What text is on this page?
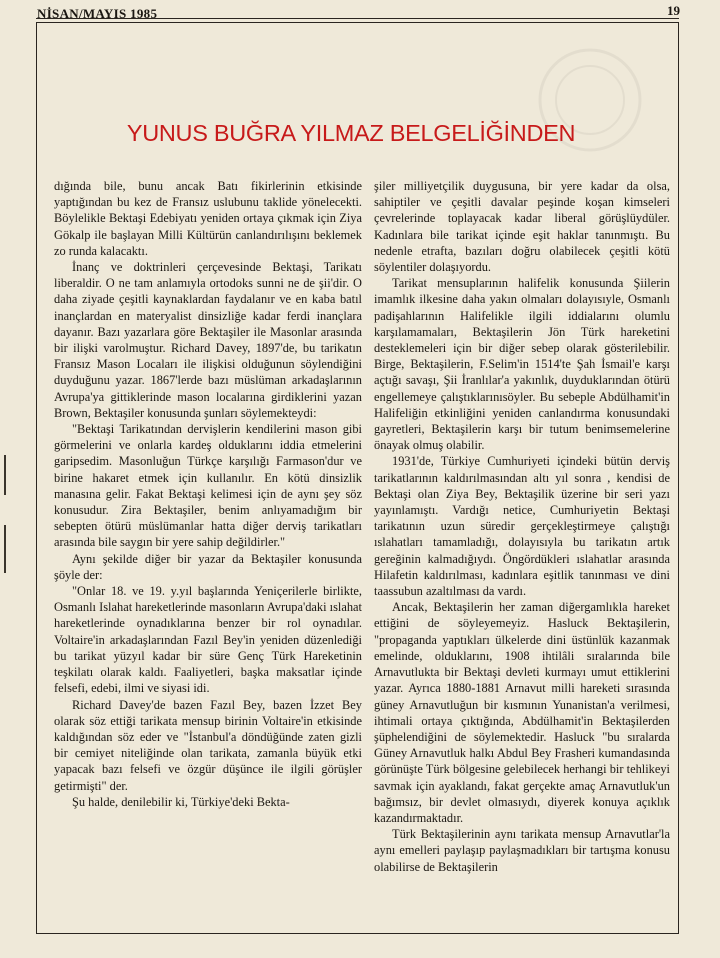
NİSAN/MAYIS 1985	19
YUNUS BUĞRA YILMAZ BELGELİĞİNDEN

dığında bile, bunu ancak Batı fikirlerinin etkisinde yaptığından bu kez de Fransız uslubunu taklide yönelecekti. Böylelikle Bektaşi Edebiyatı yeniden ortaya çıkmak için Ziya Gökalp ile başlayan Milli Kültürün canlandırılışını beklemek zo runda kalacaktı.

İnanç ve doktrinleri çerçevesinde Bektaşi, Tarikatı liberaldir. O ne tam anlamıyla ortodoks sunni ne de şii'dir. O daha ziyade çeşitli kaynaklardan faydalanır ve en kaba batıl inançlardan en materyalist dinsizliğe kadar ferdi inançlara dayanır. Bazı yazarlara göre Bektaşiler ile Masonlar arasında bir ilişki varolmuştur. Richard Davey, 1897'de, bu tarikatın Fransız Mason Locaları ile ilişkisi olduğunun söylendiğini duyduğunu yazar. 1867'lerde bazı müslüman arkadaşlarının Avrupa'ya gittiklerinde mason localarına girdiklerini yazan Brown, Bektaşiler konusunda şunları söylemekteydi:

"Bektaşi Tarikatından dervişlerin kendilerini mason gibi görmelerini ve onlarla kardeş olduklarını iddia etmelerini garipsedim. Masonluğun Türkçe karşılığı Farmason'dur ve birine hakaret etmek için kullanılır. En kötü dinsizlik manasına gelir. Fakat Bektaşi kelimesi için de aynı şey söz konusudur. Zira Bektaşiler, benim anlıyamadığım bir sebepten ötürü müslümanlar hatta diğer derviş tarikatları arasında bile saygın bir yere sahip değildirler."

Aynı şekilde diğer bir yazar da Bektaşiler konusunda şöyle der:

"Onlar 18. ve 19. y.yıl başlarında Yeniçerilerle birlikte, Osmanlı Islahat hareketlerinde masonların Avrupa'daki ıslahat hareketlerinde oynadıklarına benzer bir rol oynadılar. Voltaire'in arkadaşlarından Fazıl Bey'in yeniden düzenlediği bu tarikat yüzyıl kadar bir süre Genç Türk Hareketinin teşkilatı olarak kaldı. Faaliyetleri, başka maksatlar içinde felsefi, edebi, ilmi ve siyasi idi.

Richard Davey'de bazen Fazıl Bey, bazen İzzet Bey olarak söz ettiği tarikata mensup birinin Voltaire'in etkisinde kaldığından söz eder ve "İstanbul'a döndüğünde zaten gizli bir cemiyet niteliğinde olan tarikata, zamanla büyük etki yapacak bazı felsefi ve özgür düşünce ile ilgili görüşler getirmişti" der.

Şu halde, denilebilir ki, Türkiye'deki Bekta-

şiler milliyetçilik duygusuna, bir yere kadar da olsa, sahiptiler ve çeşitli davalar peşinde koşan kimseleri çevrelerinde toplayacak kadar liberal görüşlüydüler. Kadınlara bile tarikat içinde eşit haklar tanınmıştı. Bu nedenle etrafta, bazıları doğru olabilecek çeşitli kötü söylentiler dolaşıyordu.

Tarikat mensuplarının halifelik konusunda Şiilerin imamlık ilkesine daha yakın olmaları dolayısıyle, Osmanlı padişahlarının Halifelikle ilgili iddialarını olumlu karşılamamaları, Bektaşilerin Jön Türk hareketini desteklemeleri için bir diğer sebep olarak gösterilebilir. Birge, Bektaşilerin, F.Selim'in 1514'te Şah İsmail'e karşı açtığı savaşı, Şii İranlılar'a yakınlık, duyduklarından ötürü engellemeye çalıştıklarınısöyler. Bu sebeple Abdülhamit'in Halifeliğin etkinliğini yeniden canlandırma konusundaki gayretleri, Bektaşilerin karşı bir tutum benimsemelerine önayak olmuş olabilir.

1931'de, Türkiye Cumhuriyeti içindeki bütün derviş tarikatlarının kaldırılmasından altı yıl sonra , kendisi de Bektaşi olan Ziya Bey, Bektaşilik üzerine bir seri yazı yayınlamıştı. Vardığı netice, Cumhuriyetin Bektaşi tarikatının uzun süredir gerçekleştirmeye çalıştığı ıslahatları tamamladığı, dolayısıyla bu tarikatın artık gereğinin kalmadığıydı. Öngördükleri ıslahatlar arasında Hilafetin kaldırılması, kadınlara eşitlik tanınması ve dini taassubun azaltılması da vardı.

Ancak, Bektaşilerin her zaman diğergamlıkla hareket ettiğini de söyleyemeyiz. Hasluck Bektaşilerin, "propaganda yaptıkları ülkelerde dini üstünlük kazanmak emelinde, olduklarını, 1908 ihtilâli sıralarında bile Arnavutlukta bir Bektaşi devleti kurmayı umut ettiklerini yazar. Ayrıca 1880-1881 Arnavut milli hareketi sırasında güney Arnavutluğun bir kısmının Yunanistan'a verilmesi, ihtimali ortaya çıktığında, Abdülhamit'in Bektaşilerden şüphelendiğini de söylemektedir. Hasluck "bu sıralarda Güney Arnavutluk halkı Abdul Bey Frasheri kumandasında görünüşte Türk bölgesine gelebilecek herhangi bir tehlikeyi savmak için ayaklandı, fakat gerçekte amaç Arnavutluk'un bağımsız, bir devlet olmasıydı, diyerek konuya açıklık kazandırmaktadır.

Türk Bektaşilerinin aynı tarikata mensup Arnavutlar'la aynı emelleri paylaşıp paylaşmadıkları bir tartışma konusu olabilirse de Bektaşilerin
